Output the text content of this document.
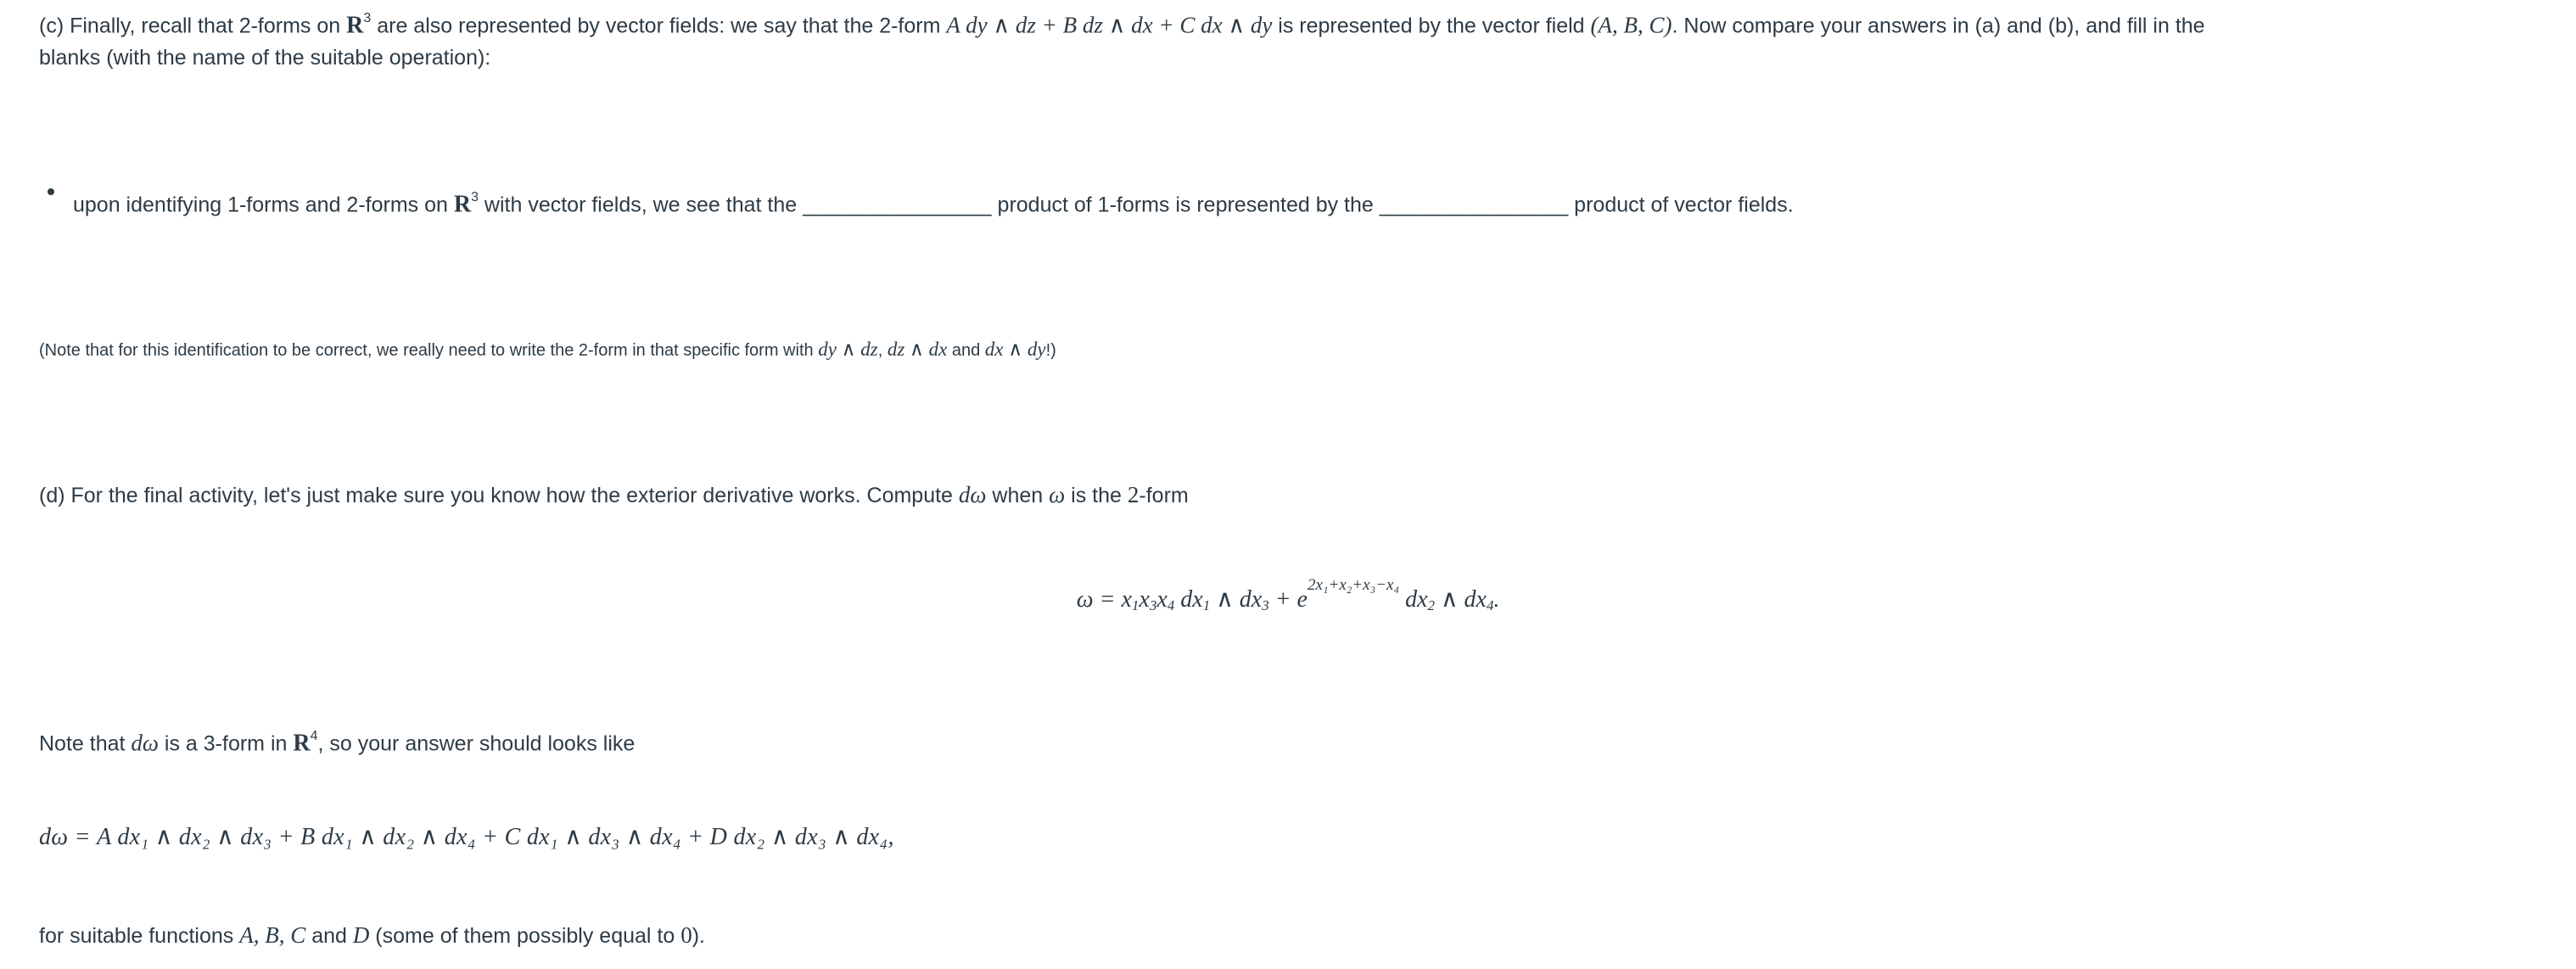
(c) Finally, recall that 2-forms on $R^3$ are also represented by vector fields: we say that the 2-form A dy ∧ dz + B dz ∧ dx + C dx ∧ dy is represented by the vector field (A, B, C). Now compare your answers in (a) and (b), and fill in the
blanks (with the name of the suitable operation):
upon identifying 1-forms and 2-forms on $R^3$ with vector fields, we see that the ________________ product of 1-forms is represented by the ________________ product of vector fields.
(Note that for this identification to be correct, we really need to write the 2-form in that specific form with dy ∧ dz, dz ∧ dx and dx ∧ dy!)
(d) For the final activity, let's just make sure you know how the exterior derivative works. Compute dω when ω is the 2-form
$\omega = x_1x_3x_4$ $dx_1$ ∧ $dx_3 + e^{2x_1+x_2+x_3-x_4}$ $dx_2$ ∧ $dx_4$.
Note that dω is a 3-form in $R^4$, so your answer should looks like
dω = A dx₁ ∧ dx₂ ∧ dx₃ + B dx₁ ∧ dx₂ ∧ dx₄ + C dx₁ ∧ dx₃ ∧ dx₄ + D dx₂ ∧ dx₃ ∧ dx₄,
for suitable functions A, B, C and D (some of them possibly equal to 0).
